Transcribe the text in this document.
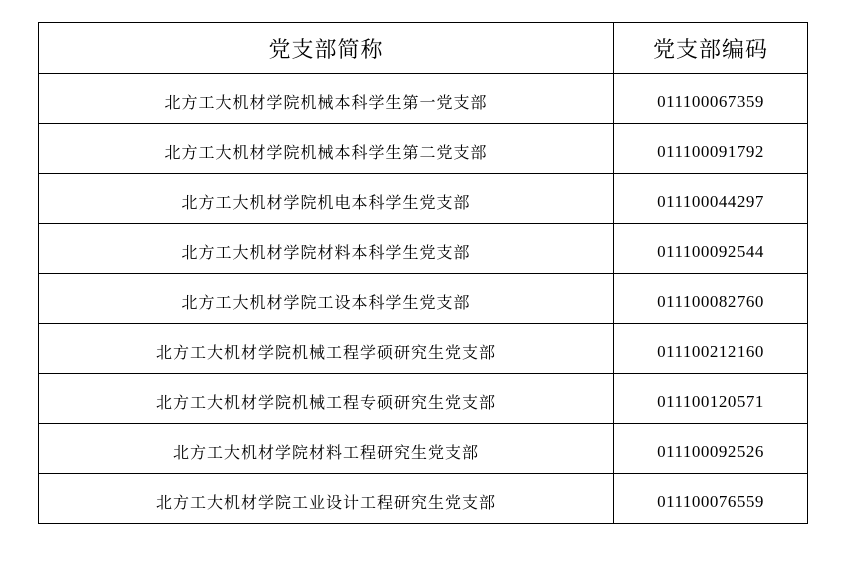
党支部简称	党支部编码
北方工大机材学院机械本科学生第一党支部	011100067359
北方工大机材学院机械本科学生第二党支部	011100091792
北方工大机材学院机电本科学生党支部	011100044297
北方工大机材学院材料本科学生党支部	011100092544
北方工大机材学院工设本科学生党支部	011100082760
北方工大机材学院机械工程学硕研究生党支部	011100212160
北方工大机材学院机械工程专硕研究生党支部	011100120571
北方工大机材学院材料工程研究生党支部	011100092526
北方工大机材学院工业设计工程研究生党支部	011100076559
